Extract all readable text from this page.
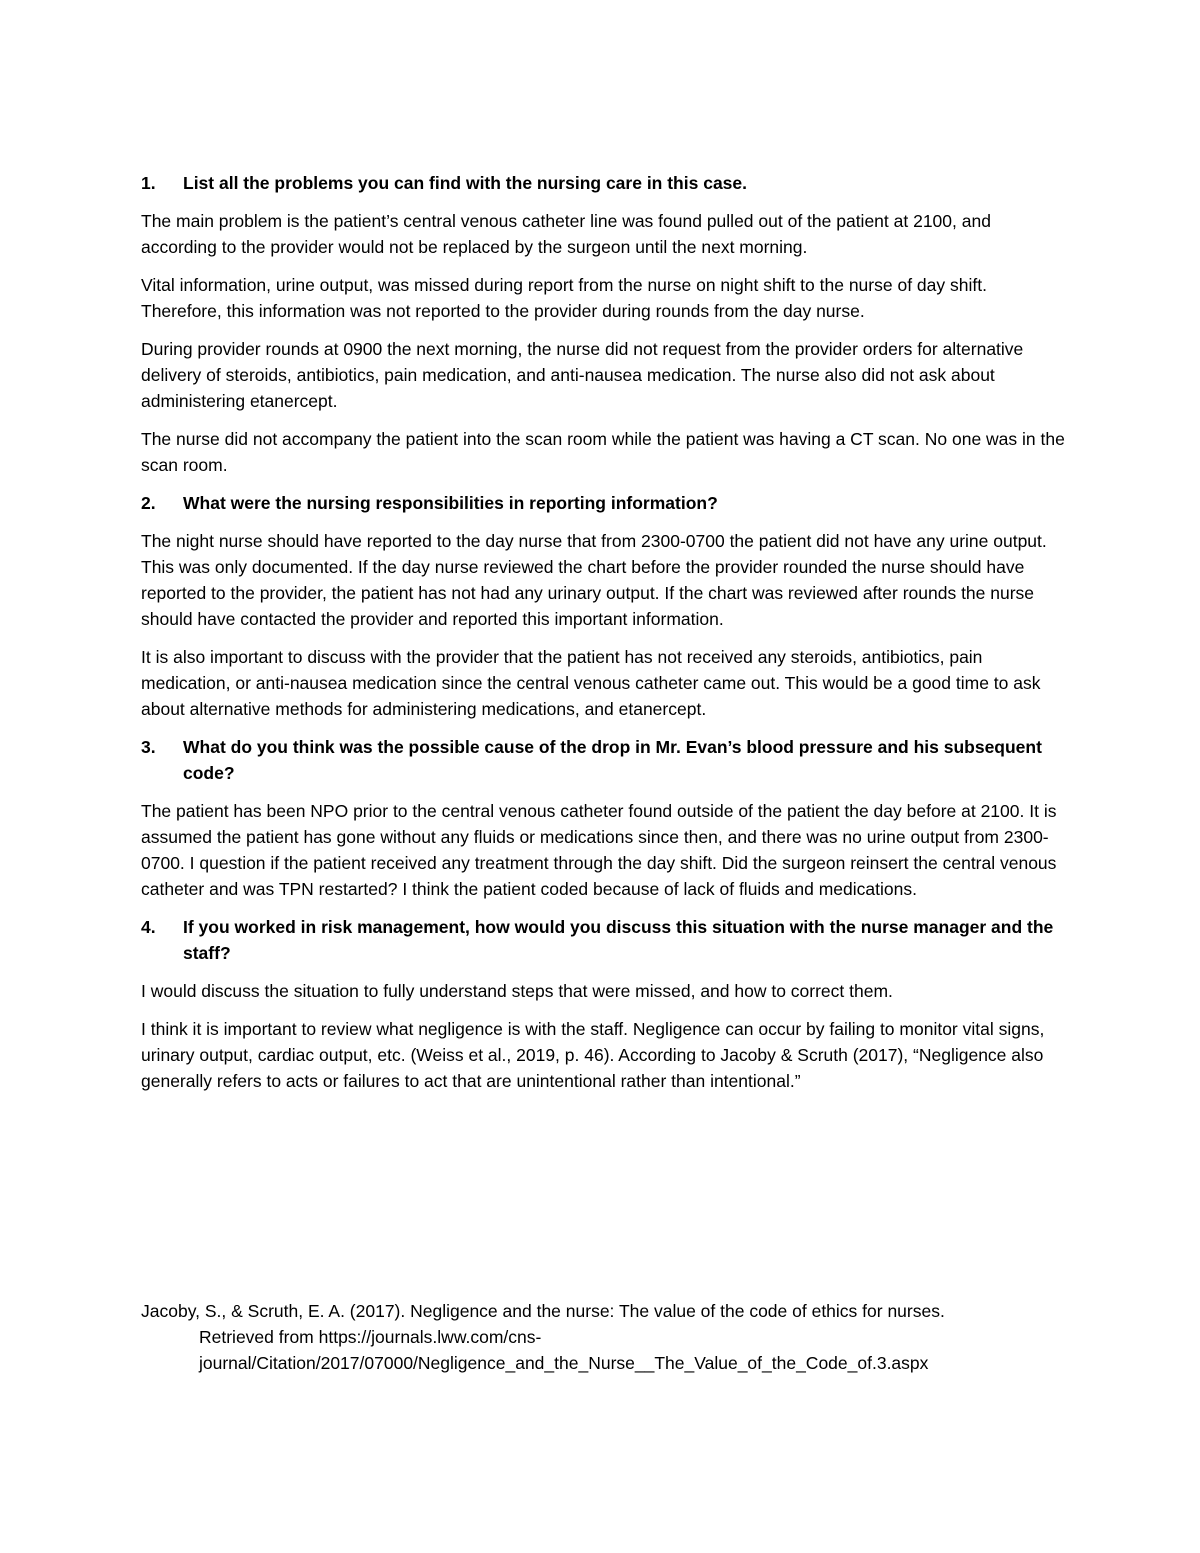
1.	List all the problems you can find with the nursing care in this case.

The main problem is the patient’s central venous catheter line was found pulled out of the patient at 2100, and according to the provider would not be replaced by the surgeon until the next morning.

Vital information, urine output, was missed during report from the nurse on night shift to the nurse of day shift. Therefore, this information was not reported to the provider during rounds from the day nurse.

During provider rounds at 0900 the next morning, the nurse did not request from the provider orders for alternative delivery of steroids, antibiotics, pain medication, and anti-nausea medication. The nurse also did not ask about administering etanercept.

The nurse did not accompany the patient into the scan room while the patient was having a CT scan. No one was in the scan room.

2.	What were the nursing responsibilities in reporting information?

The night nurse should have reported to the day nurse that from 2300-0700 the patient did not have any urine output. This was only documented. If the day nurse reviewed the chart before the provider rounded the nurse should have reported to the provider, the patient has not had any urinary output. If the chart was reviewed after rounds the nurse should have contacted the provider and reported this important information.

It is also important to discuss with the provider that the patient has not received any steroids, antibiotics, pain medication, or anti-nausea medication since the central venous catheter came out. This would be a good time to ask about alternative methods for administering medications, and etanercept.

3.	What do you think was the possible cause of the drop in Mr. Evan’s blood pressure and his subsequent code?

The patient has been NPO prior to the central venous catheter found outside of the patient the day before at 2100. It is assumed the patient has gone without any fluids or medications since then, and there was no urine output from 2300-0700. I question if the patient received any treatment through the day shift. Did the surgeon reinsert the central venous catheter and was TPN restarted? I think the patient coded because of lack of fluids and medications.

4.	If you worked in risk management, how would you discuss this situation with the nurse manager and the staff?

I would discuss the situation to fully understand steps that were missed, and how to correct them.

I think it is important to review what negligence is with the staff. Negligence can occur by failing to monitor vital signs, urinary output, cardiac output, etc. (Weiss et al., 2019, p. 46). According to Jacoby & Scruth (2017), “Negligence also generally refers to acts or failures to act that are unintentional rather than intentional.”

Jacoby, S., & Scruth, E. A. (2017). Negligence and the nurse: The value of the code of ethics for nurses.
Retrieved from https://journals.lww.com/cns-
journal/Citation/2017/07000/Negligence_and_the_Nurse__The_Value_of_the_Code_of.3.aspx
